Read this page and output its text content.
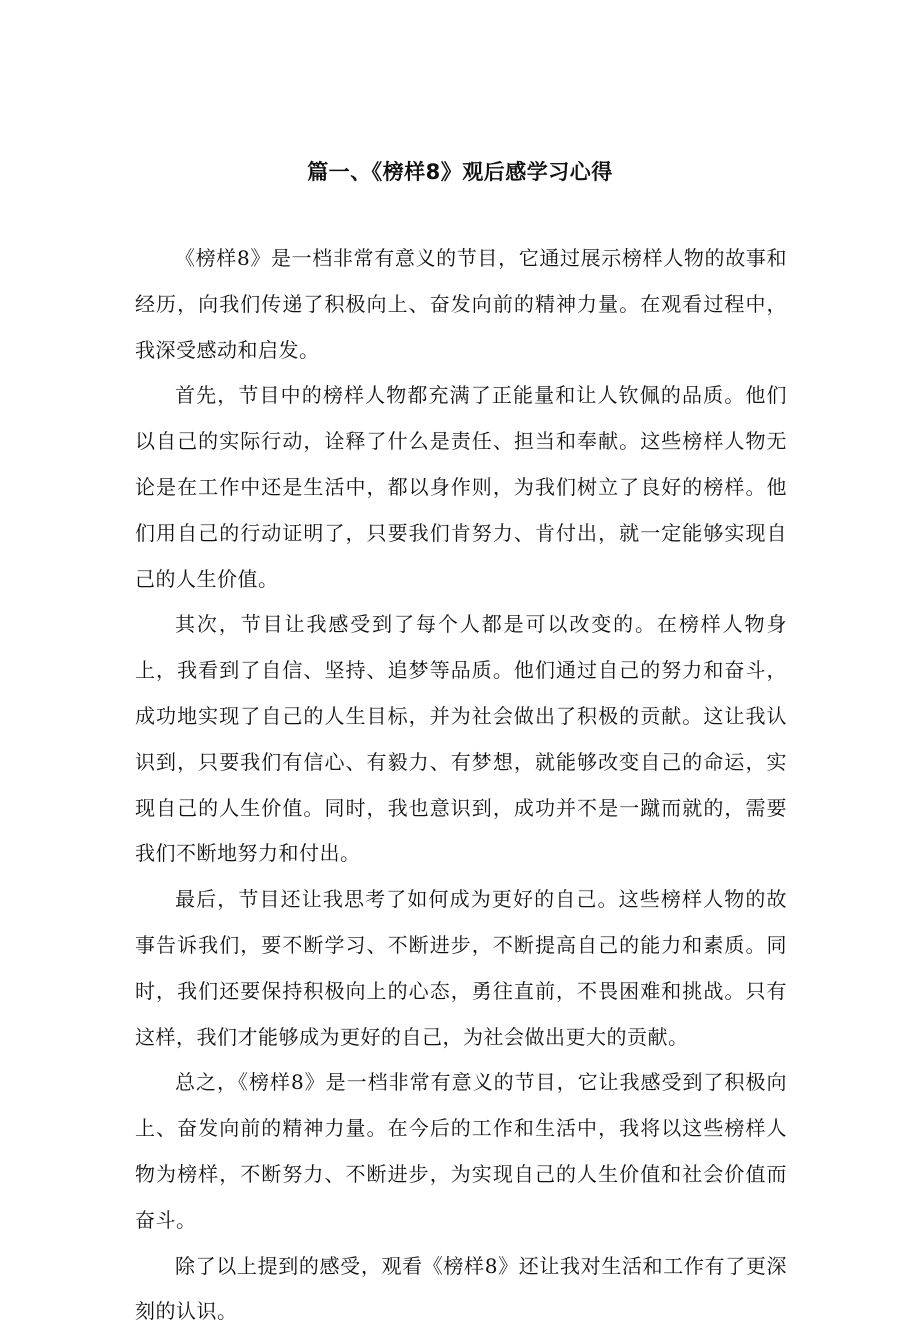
篇一、《榜样8》观后感学习心得

《榜样8》是一档非常有意义的节目，它通过展示榜样人物的故事和经历，向我们传递了积极向上、奋发向前的精神力量。在观看过程中，我深受感动和启发。

首先，节目中的榜样人物都充满了正能量和让人钦佩的品质。他们以自己的实际行动，诠释了什么是责任、担当和奉献。这些榜样人物无论是在工作中还是生活中，都以身作则，为我们树立了良好的榜样。他们用自己的行动证明了，只要我们肯努力、肯付出，就一定能够实现自己的人生价值。

其次，节目让我感受到了每个人都是可以改变的。在榜样人物身上，我看到了自信、坚持、追梦等品质。他们通过自己的努力和奋斗，成功地实现了自己的人生目标，并为社会做出了积极的贡献。这让我认识到，只要我们有信心、有毅力、有梦想，就能够改变自己的命运，实现自己的人生价值。同时，我也意识到，成功并不是一蹴而就的，需要我们不断地努力和付出。

最后，节目还让我思考了如何成为更好的自己。这些榜样人物的故事告诉我们，要不断学习、不断进步，不断提高自己的能力和素质。同时，我们还要保持积极向上的心态，勇往直前，不畏困难和挑战。只有这样，我们才能够成为更好的自己，为社会做出更大的贡献。

总之，《榜样8》是一档非常有意义的节目，它让我感受到了积极向上、奋发向前的精神力量。在今后的工作和生活中，我将以这些榜样人物为榜样，不断努力、不断进步，为实现自己的人生价值和社会价值而奋斗。

除了以上提到的感受，观看《榜样8》还让我对生活和工作有了更深刻的认识。
